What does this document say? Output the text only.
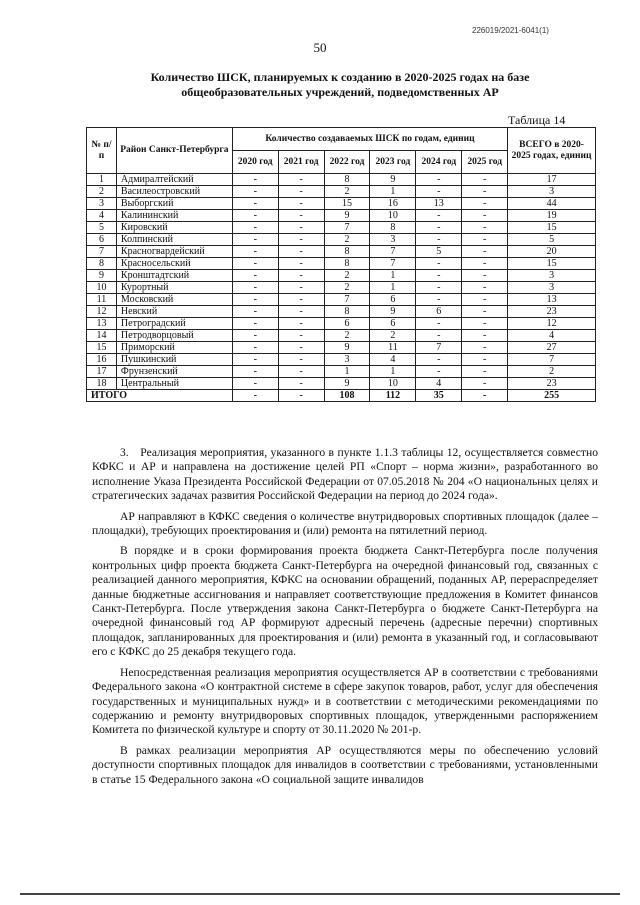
226019/2021-6041(1)
50
Количество ШСК, планируемых к созданию в 2020-2025 годах на базе общеобразовательных учреждений, подведомственных АР
Таблица 14
№ п/п	Район Санкт-Петербурга	Количество создаваемых ШСК по годам, единиц						ВСЕГО в 2020-2025 годах, единиц
		2020 год	2021 год	2022 год	2023 год	2024 год	2025 год	
1	Адмиралтейский	-	-	8	9	-	-	17
2	Василеостровский	-	-	2	1	-	-	3
3	Выборгский	-	-	15	16	13	-	44
4	Калининский	-	-	9	10	-	-	19
5	Кировский	-	-	7	8	-	-	15
6	Колпинский	-	-	2	3	-	-	5
7	Красногвардейский	-	-	8	7	5	-	20
8	Красносельский	-	-	8	7	-	-	15
9	Кронштадтский	-	-	2	1	-	-	3
10	Курортный	-	-	2	1	-	-	3
11	Московский	-	-	7	6	-	-	13
12	Невский	-	-	8	9	6	-	23
13	Петроградский	-	-	6	6	-	-	12
14	Петродворцовый	-	-	2	2	-	-	4
15	Приморский	-	-	9	11	7	-	27
16	Пушкинский	-	-	3	4	-	-	7
17	Фрунзенский	-	-	1	1	-	-	2
18	Центральный	-	-	9	10	4	-	23
ИТОГО		-	-	108	112	35	-	255

3. Реализация мероприятия, указанного в пункте 1.1.3 таблицы 12, осуществляется совместно КФКС и АР и направлена на достижение целей РП «Спорт – норма жизни», разработанного во исполнение Указа Президента Российской Федерации от 07.05.2018 № 204 «О национальных целях и стратегических задачах развития Российской Федерации на период до 2024 года».

АР направляют в КФКС сведения о количестве внутридворовых спортивных площадок (далее – площадки), требующих проектирования и (или) ремонта на пятилетний период.

В порядке и в сроки формирования проекта бюджета Санкт-Петербурга после получения контрольных цифр проекта бюджета Санкт-Петербурга на очередной финансовый год, связанных с реализацией данного мероприятия, КФКС на основании обращений, поданных АР, перераспределяет данные бюджетные ассигнования и направляет соответствующие предложения в Комитет финансов Санкт-Петербурга. После утверждения закона Санкт-Петербурга о бюджете Санкт-Петербурга на очередной финансовый год АР формируют адресный перечень (адресные перечни) спортивных площадок, запланированных для проектирования и (или) ремонта в указанный год, и согласовывают его с КФКС до 25 декабря текущего года.

Непосредственная реализация мероприятия осуществляется АР в соответствии с требованиями Федерального закона «О контрактной системе в сфере закупок товаров, работ, услуг для обеспечения государственных и муниципальных нужд» и в соответствии с методическими рекомендациями по содержанию и ремонту внутридворовых спортивных площадок, утвержденными распоряжением Комитета по физической культуре и спорту от 30.11.2020 № 201-р.

В рамках реализации мероприятия АР осуществляются меры по обеспечению условий доступности спортивных площадок для инвалидов в соответствии с требованиями, установленными в статье 15 Федерального закона «О социальной защите инвалидов
